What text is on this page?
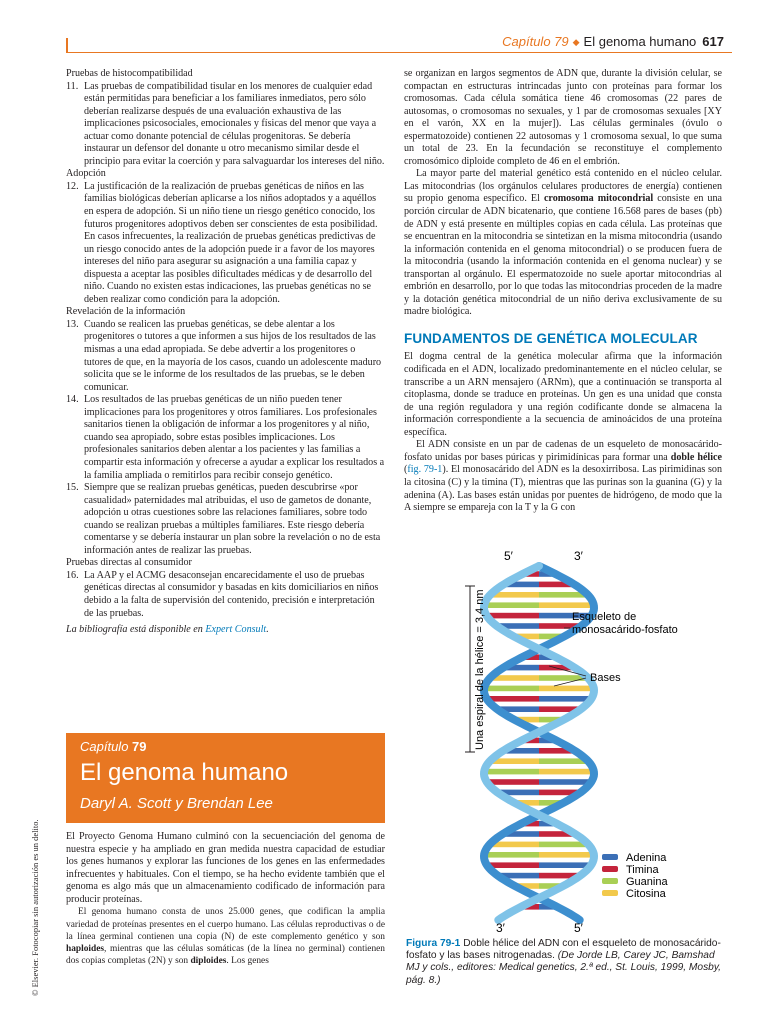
Capítulo 79 ◆ El genoma humano 617
© Elsevier. Fotocopiar sin autorización es un delito.
Pruebas de histocompatibilidad
11. Las pruebas de compatibilidad tisular en los menores de cualquier edad están permitidas para beneficiar a los familiares inmediatos, pero sólo deberían realizarse después de una evaluación exhaustiva de las implicaciones psicosociales, emocionales y físicas del menor que vaya a actuar como donante potencial de células progenitoras. Se debería instaurar un defensor del donante u otro mecanismo similar desde el principio para evitar la coerción y para salvaguardar los intereses del niño.
Adopción
12. La justificación de la realización de pruebas genéticas de niños en las familias biológicas deberían aplicarse a los niños adoptados y a aquéllos en espera de adopción. Si un niño tiene un riesgo genético conocido, los futuros progenitores adoptivos deben ser conscientes de esta posibilidad. En casos infrecuentes, la realización de pruebas genéticas predictivas de un riesgo conocido antes de la adopción puede ir a favor de los mayores intereses del niño para asegurar su asignación a una familia capaz y dispuesta a aceptar las posibles dificultades médicas y de desarrollo del niño. Cuando no existen estas indicaciones, las pruebas genéticas no se deben realizar como condición para la adopción.
Revelación de la información
13. Cuando se realicen las pruebas genéticas, se debe alentar a los progenitores o tutores a que informen a sus hijos de los resultados de las mismas a una edad apropiada. Se debe advertir a los progenitores o tutores de que, en la mayoría de los casos, cuando un adolescente maduro solicita que se le informe de los resultados de las pruebas, se le deben comunicar.
14. Los resultados de las pruebas genéticas de un niño pueden tener implicaciones para los progenitores y otros familiares. Los profesionales sanitarios tienen la obligación de informar a los progenitores y al niño, cuando sea apropiado, sobre estas posibles implicaciones. Los profesionales sanitarios deben alentar a los pacientes y las familias a compartir esta información y ofrecerse a ayudar a explicar los resultados a la familia ampliada o remitirlos para recibir consejo genético.
15. Siempre que se realizan pruebas genéticas, pueden descubrirse «por casualidad» paternidades mal atribuidas, el uso de gametos de donante, adopción u otras cuestiones sobre las relaciones familiares, sobre todo cuando se realizan pruebas a múltiples familiares. Este riesgo debería comentarse y se debería instaurar un plan sobre la revelación o no de esta información antes de realizar las pruebas.
Pruebas directas al consumidor
16. La AAP y el ACMG desaconsejan encarecidamente el uso de pruebas genéticas directas al consumidor y basadas en kits domiciliarios en niños debido a la falta de supervisión del contenido, precisión e interpretación de las pruebas.
La bibliografía está disponible en Expert Consult.
Capítulo 79
El genoma humano
Daryl A. Scott y Brendan Lee

El Proyecto Genoma Humano culminó con la secuenciación del genoma de nuestra especie y ha ampliado en gran medida nuestra capacidad de estudiar los genes humanos y explorar las funciones de los genes en las enfermedades infrecuentes y habituales. Con el tiempo, se ha hecho evidente también que el genoma es algo más que un almacenamiento codificado de información para producir proteínas.

El genoma humano consta de unos 25.000 genes, que codifican la amplia variedad de proteínas presentes en el cuerpo humano. Las células reproductivas o de la línea germinal contienen una copia (N) de este complemento genético y son haploides, mientras que las células somáticas (de la línea no germinal) contienen dos copias completas (2N) y son diploides. Los genes

se organizan en largos segmentos de ADN que, durante la división celular, se compactan en estructuras intrincadas junto con proteínas para formar los cromosomas. Cada célula somática tiene 46 cromosomas (22 pares de autosomas, o cromosomas no sexuales, y 1 par de cromosomas sexuales [XY en el varón, XX en la mujer]). Las células germinales (óvulo o espermatozoide) contienen 22 autosomas y 1 cromosoma sexual, lo que suma un total de 23. En la fecundación se reconstituye el complemento cromosómico diploide completo de 46 en el embrión.

La mayor parte del material genético está contenido en el núcleo celular. Las mitocondrias (los orgánulos celulares productores de energía) contienen su propio genoma específico. El cromosoma mitocondrial consiste en una porción circular de ADN bicatenario, que contiene 16.568 pares de bases (pb) de ADN y está presente en múltiples copias en cada célula. Las proteínas que se encuentran en la mitocondria se sintetizan en la misma mitocondria (usando la información contenida en el genoma mitocondrial) o se producen fuera de la mitocondria (usando la información contenida en el genoma nuclear) y se transportan al orgánulo. El espermatozoide no suele aportar mitocondrias al embrión en desarrollo, por lo que todas las mitocondrias proceden de la madre y la dotación genética mitocondrial de un niño deriva exclusivamente de su madre biológica.

FUNDAMENTOS DE GENÉTICA MOLECULAR

El dogma central de la genética molecular afirma que la información codificada en el ADN, localizado predominantemente en el núcleo celular, se transcribe a un ARN mensajero (ARNm), que a continuación se transporta al citoplasma, donde se traduce en proteínas. Un gen es una unidad que consta de una región reguladora y una región codificante donde se almacena la información correspondiente a la secuencia de aminoácidos de una proteína específica.

El ADN consiste en un par de cadenas de un esqueleto de monosacárido-fosfato unidas por bases púricas y pirimidínicas para formar una doble hélice (fig. 79-1). El monosacárido del ADN es la desoxirribosa. Las pirimidinas son la citosina (C) y la timina (T), mientras que las purinas son la guanina (G) y la adenina (A). Las bases están unidas por puentes de hidrógeno, de modo que la A siempre se empareja con la T y la G con

5′	3′
3′	5′
Una espiral de la hélice = 3,4 nm	Esqueleto de
monosacárido-fosfato
Bases
Adenina
Timina
Guanina
Citosina
Figura 79-1 Doble hélice del ADN con el esqueleto de monosacárido-fosfato y las bases nitrogenadas. (De Jorde LB, Carey JC, Bamshad MJ y cols., editores: Medical genetics, 2.ª ed., St. Louis, 1999, Mosby, pág. 8.)
